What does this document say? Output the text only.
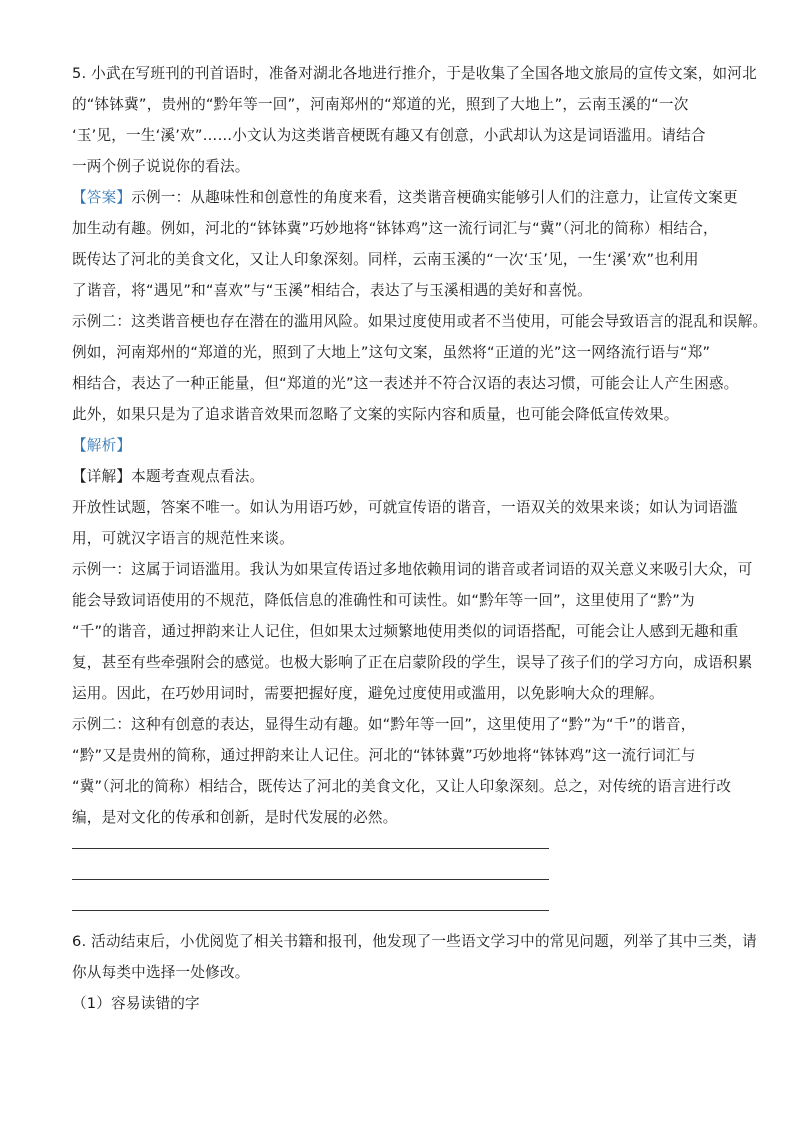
5. 小武在写班刊的刊首语时，准备对湖北各地进行推介，于是收集了全国各地文旅局的宣传文案，如河北
的“钵钵冀”，贵州的“黔年等一回”，河南郑州的“郑道的光，照到了大地上”，云南玉溪的“一次
‘玉’见，一生‘溪’欢”……小文认为这类谐音梗既有趣又有创意，小武却认为这是词语滥用。请结合
一两个例子说说你的看法。
【答案】示例一：从趣味性和创意性的角度来看，这类谐音梗确实能够引人们的注意力，让宣传文案更
加生动有趣。例如，河北的“钵钵冀”巧妙地将“钵钵鸡”这一流行词汇与“冀”（河北的简称）相结合，
既传达了河北的美食文化，又让人印象深刻。同样，云南玉溪的“一次‘玉’见，一生‘溪’欢”也利用
了谐音，将“遇见”和“喜欢”与“玉溪”相结合，表达了与玉溪相遇的美好和喜悦。
示例二：这类谐音梗也存在潜在的滥用风险。如果过度使用或者不当使用，可能会导致语言的混乱和误解。
例如，河南郑州的“郑道的光，照到了大地上”这句文案，虽然将“正道的光”这一网络流行语与“郑”
相结合，表达了一种正能量，但“郑道的光”这一表述并不符合汉语的表达习惯，可能会让人产生困惑。
此外，如果只是为了追求谐音效果而忽略了文案的实际内容和质量，也可能会降低宣传效果。
【解析】
【详解】本题考查观点看法。
开放性试题，答案不唯一。如认为用语巧妙，可就宣传语的谐音，一语双关的效果来谈；如认为词语滥
用，可就汉字语言的规范性来谈。
示例一：这属于词语滥用。我认为如果宣传语过多地依赖用词的谐音或者词语的双关意义来吸引大众，可
能会导致词语使用的不规范，降低信息的准确性和可读性。如“黔年等一回”，这里使用了“黔”为
“千”的谐音，通过押韵来让人记住，但如果太过频繁地使用类似的词语搭配，可能会让人感到无趣和重
复，甚至有些牵强附会的感觉。也极大影响了正在启蒙阶段的学生，误导了孩子们的学习方向，成语积累
运用。因此，在巧妙用词时，需要把握好度，避免过度使用或滥用，以免影响大众的理解。
示例二：这种有创意的表达，显得生动有趣。如“黔年等一回”，这里使用了“黔”为“千”的谐音，
“黔”又是贵州的简称，通过押韵来让人记住。河北的“钵钵冀”巧妙地将“钵钵鸡”这一流行词汇与
“冀”（河北的简称）相结合，既传达了河北的美食文化，又让人印象深刻。总之，对传统的语言进行改
编，是对文化的传承和创新，是时代发展的必然。
6. 活动结束后，小优阅览了相关书籍和报刊，他发现了一些语文学习中的常见问题，列举了其中三类，请
你从每类中选择一处修改。
（1）容易读错的字
